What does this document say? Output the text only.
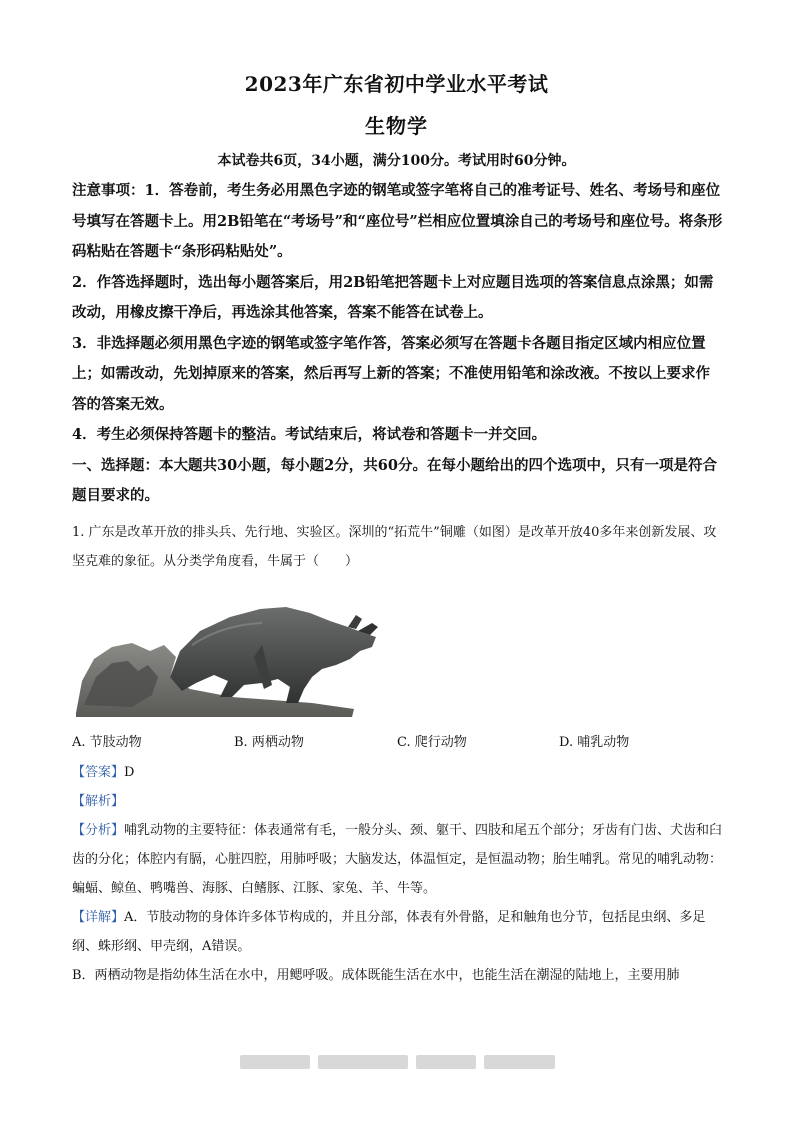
2023年广东省初中学业水平考试
生物学
本试卷共6页，34小题，满分100分。考试用时60分钟。

注意事项：1．答卷前，考生务必用黑色字迹的钢笔或签字笔将自己的准考证号、姓名、考场号和座位号填写在答题卡上。用2B铅笔在“考场号”和“座位号”栏相应位置填涂自己的考场号和座位号。将条形码粘贴在答题卡“条形码粘贴处”。

2．作答选择题时，选出每小题答案后，用2B铅笔把答题卡上对应题目选项的答案信息点涂黑；如需改动，用橡皮擦干净后，再选涂其他答案，答案不能答在试卷上。

3．非选择题必须用黑色字迹的钢笔或签字笔作答，答案必须写在答题卡各题目指定区域内相应位置上；如需改动，先划掉原来的答案，然后再写上新的答案；不准使用铅笔和涂改液。不按以上要求作答的答案无效。

4．考生必须保持答题卡的整洁。考试结束后，将试卷和答题卡一并交回。

一、选择题：本大题共30小题，每小题2分，共60分。在每小题给出的四个选项中，只有一项是符合题目要求的。

1. 广东是改革开放的排头兵、先行地、实验区。深圳的“拓荒牛”铜雕（如图）是改革开放40多年来创新发展、攻坚克难的象征。从分类学角度看，牛属于（　　）
A. 节肢动物	B. 两栖动物	C. 爬行动物	D. 哺乳动物

【答案】D

【解析】

【分析】哺乳动物的主要特征：体表通常有毛，一般分头、颈、躯干、四肢和尾五个部分；牙齿有门齿、犬齿和臼齿的分化；体腔内有膈，心脏四腔，用肺呼吸；大脑发达，体温恒定，是恒温动物；胎生哺乳。常见的哺乳动物：蝙蝠、鲸鱼、鸭嘴兽、海豚、白鳍豚、江豚、家兔、羊、牛等。

【详解】A．节肢动物的身体许多体节构成的，并且分部，体表有外骨骼，足和触角也分节，包括昆虫纲、多足纲、蛛形纲、甲壳纲，A错误。

B．两栖动物是指幼体生活在水中，用鳃呼吸。成体既能生活在水中，也能生活在潮湿的陆地上，主要用肺
